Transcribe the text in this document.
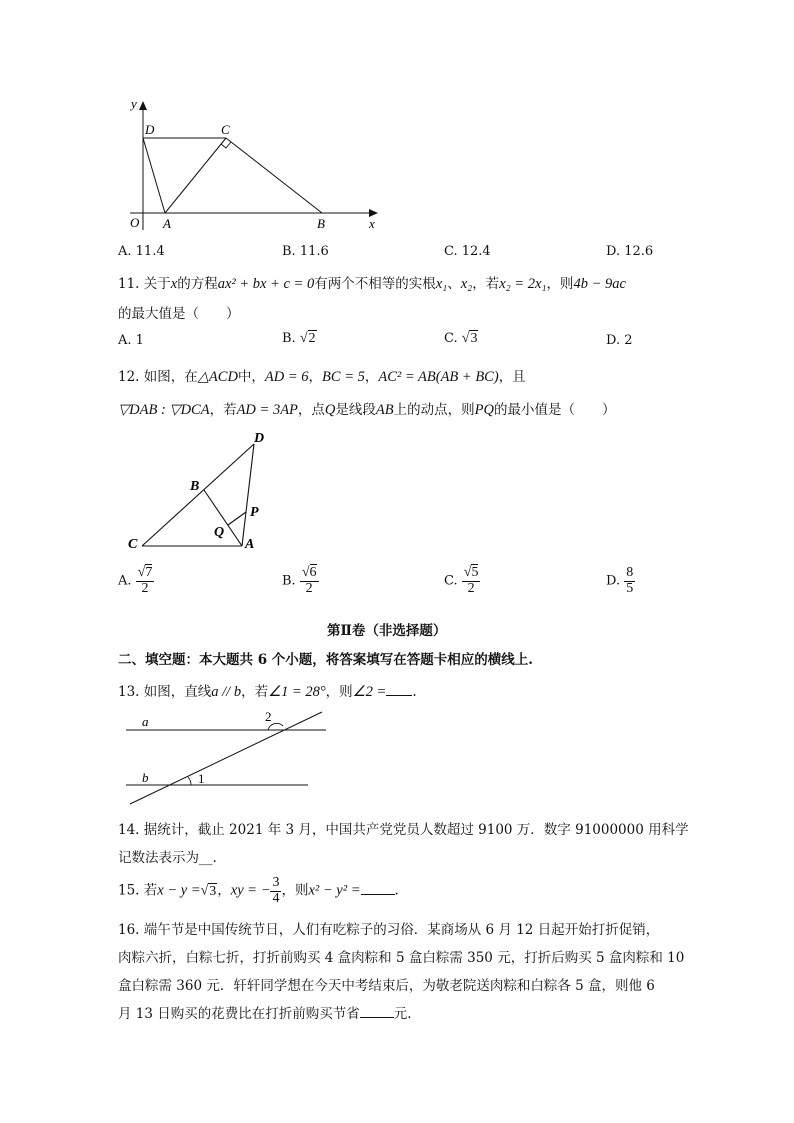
y
x
O A	B
C
D
A. 11.4	B. 11.6	C. 12.4	D. 12.6
11. 关于x的方程ax² + bx + c = 0有两个不相等的实根x₁、x₂，若x₂ = 2x₁，则4b − 9ac
的最大值是（　　）
A. 1	B. √2	C. √3	D. 2
12. 如图，在△ACD中，AD = 6，BC = 5，AC² = AB(AB + BC)，且
▽DAB : ▽DCA，若AD = 3AP，点Q是线段AB上的动点，则PQ的最小值是（　　）
D
B
P
Q
C	A
A. $\frac{√7}{2}$	B. $\frac{√6}{2}$	C. $\frac{√5}{2}$	D. $\frac{8}{5}$
第Ⅱ卷（非选择题）
二、填空题：本大题共 6 个小题，将答案填写在答题卡相应的横线上.
13. 如图，直线a // b，若∠1 = 28°，则∠2 = .
a
b	1
2
14. 据统计，截止 2021 年 3 月，中国共产党党员人数超过 9100 万．数字 91000000 用科学
记数法表示为__.
15. 若x − y =√3，xy = − $\frac{3}{4}$ ，则x² − y² =	.
16. 端午节是中国传统节日，人们有吃粽子的习俗．某商场从 6 月 12 日起开始打折促销，
肉粽六折，白粽七折，打折前购买 4 盒肉粽和 5 盒白粽需 350 元，打折后购买 5 盒肉粽和 10
盒白粽需 360 元．轩轩同学想在今天中考结束后，为敬老院送肉粽和白粽各 5 盒，则他 6
月 13 日购买的花费比在打折前购买节省	元.
